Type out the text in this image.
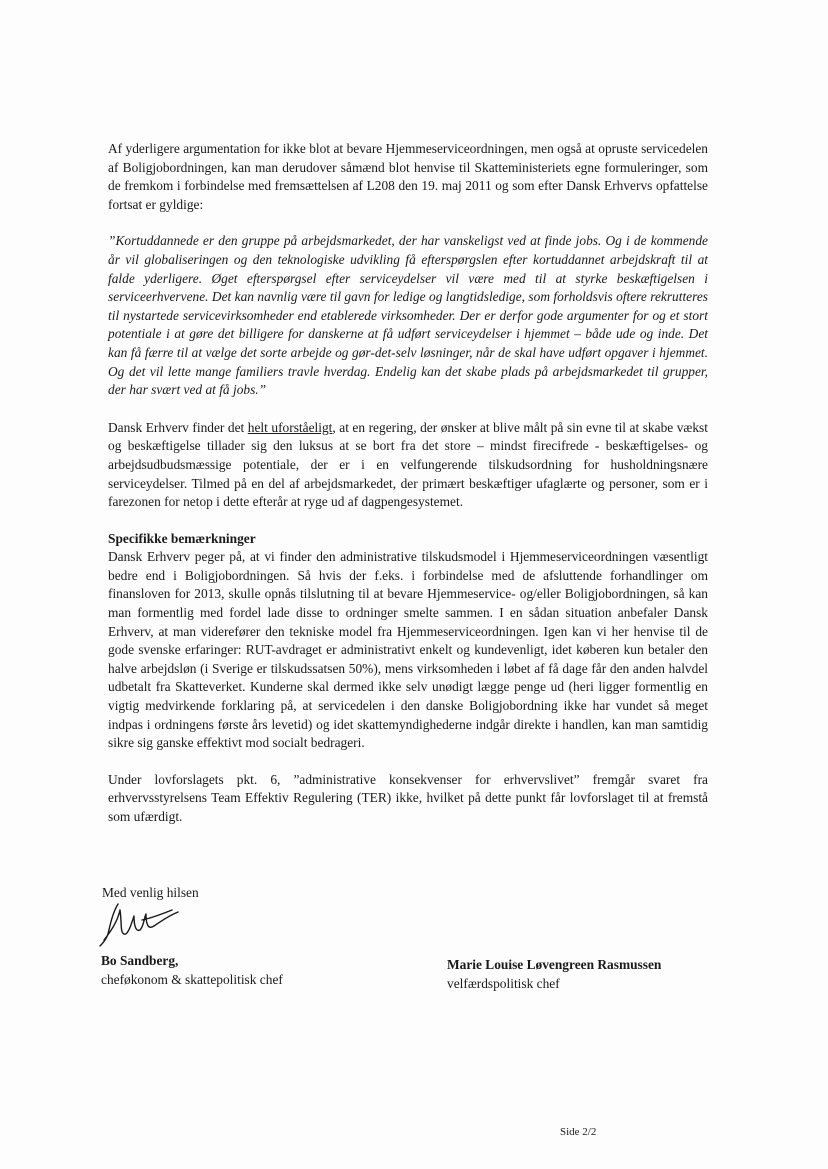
Af yderligere argumentation for ikke blot at bevare Hjemmeserviceordningen, men også at opruste servicedelen af Boligjobordningen, kan man derudover såmænd blot henvise til Skatteministeriets egne formuleringer, som de fremkom i forbindelse med fremsættelsen af L208 den 19. maj 2011 og som efter Dansk Erhvervs opfattelse fortsat er gyldige:

”Kortuddannede er den gruppe på arbejdsmarkedet, der har vanskeligst ved at finde jobs. Og i de kommende år vil globaliseringen og den teknologiske udvikling få efterspørgslen efter kortuddannet arbejdskraft til at falde yderligere. Øget efterspørgsel efter serviceydelser vil være med til at styrke beskæftigelsen i serviceerhvervene. Det kan navnlig være til gavn for ledige og langtidsledige, som forholdsvis oftere rekrutteres til nystartede servicevirksomheder end etablerede virksomheder. Der er derfor gode argumenter for og et stort potentiale i at gøre det billigere for danskerne at få udført serviceydelser i hjemmet – både ude og inde. Det kan få færre til at vælge det sorte arbejde og gør-det-selv løsninger, når de skal have udført opgaver i hjemmet. Og det vil lette mange familiers travle hverdag. Endelig kan det skabe plads på arbejdsmarkedet til grupper, der har svært ved at få jobs.”

Dansk Erhverv finder det helt uforståeligt, at en regering, der ønsker at blive målt på sin evne til at skabe vækst og beskæftigelse tillader sig den luksus at se bort fra det store – mindst firecifrede - beskæftigelses- og arbejdsudbudsmæssige potentiale, der er i en velfungerende tilskudsordning for husholdningsnære serviceydelser. Tilmed på en del af arbejdsmarkedet, der primært beskæftiger ufaglærte og personer, som er i farezonen for netop i dette efterår at ryge ud af dagpengesystemet.

Specifikke bemærkninger

Dansk Erhverv peger på, at vi finder den administrative tilskudsmodel i Hjemmeserviceordningen væsentligt bedre end i Boligjobordningen. Så hvis der f.eks. i forbindelse med de afsluttende forhandlinger om finansloven for 2013, skulle opnås tilslutning til at bevare Hjemmeservice- og/eller Boligjobordningen, så kan man formentlig med fordel lade disse to ordninger smelte sammen. I en sådan situation anbefaler Dansk Erhverv, at man viderefører den tekniske model fra Hjemmeserviceordningen. Igen kan vi her henvise til de gode svenske erfaringer: RUT-avdraget er administrativt enkelt og kundevenligt, idet køberen kun betaler den halve arbejdsløn (i Sverige er tilskudssatsen 50%), mens virksomheden i løbet af få dage får den anden halvdel udbetalt fra Skatteverket. Kunderne skal dermed ikke selv unødigt lægge penge ud (heri ligger formentlig en vigtig medvirkende forklaring på, at servicedelen i den danske Boligjobordning ikke har vundet så meget indpas i ordningens første års levetid) og idet skattemyndighederne indgår direkte i handlen, kan man samtidig sikre sig ganske effektivt mod socialt bedrageri.

Under lovforslagets pkt. 6, ”administrative konsekvenser for erhvervslivet” fremgår svaret fra erhvervsstyrelsens Team Effektiv Regulering (TER) ikke, hvilket på dette punkt får lovforslaget til at fremstå som ufærdigt.

Med venlig hilsen

Bo Sandberg,

cheføkonom & skattepolitisk chef

Marie Louise Løvengreen Rasmussen

velfærdspolitisk chef

Side 2/2
